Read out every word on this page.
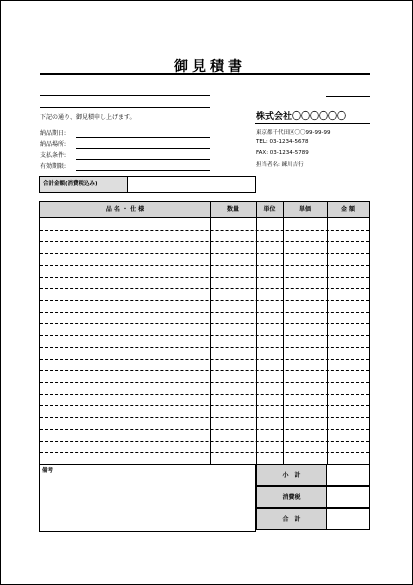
御見積書
下記の通り、御見積申し上げます。
納品期日:
納品場所:
支払条件:
有効期限:
株式会社〇〇〇〇〇〇
東京都千代田区〇〇99-99-99
TEL: 03-1234-5678
FAX: 03-1234-5789
担当者名: 練川吉行
合計金額(消費税込み)
品 名 ・ 仕 様	数量	単位	単価	金 額
備考
小　計
消費税
合　計
